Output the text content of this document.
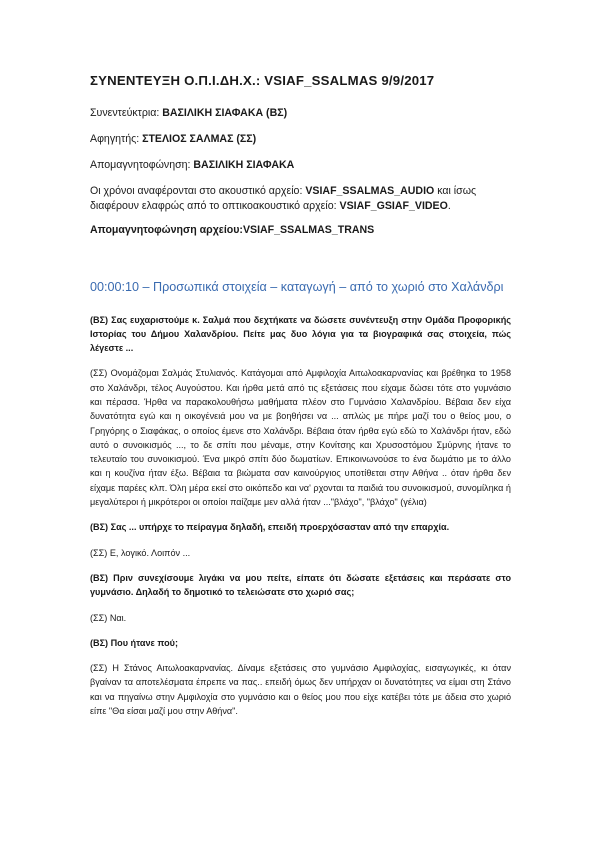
ΣΥΝΕΝΤΕΥΞΗ Ο.Π.Ι.ΔΗ.Χ.: VSIAF_SSALMAS 9/9/2017
Συνεντεύκτρια: ΒΑΣΙΛΙΚΗ ΣΙΑΦΑΚΑ (ΒΣ)
Αφηγητής: ΣΤΕΛΙΟΣ ΣΑΛΜΑΣ (ΣΣ)
Απομαγνητοφώνηση: ΒΑΣΙΛΙΚΗ ΣΙΑΦΑΚΑ
Οι χρόνοι αναφέρονται στο ακουστικό αρχείο: VSIAF_SSALMAS_AUDIO και ίσως διαφέρουν ελαφρώς από το οπτικοακουστικό αρχείο: VSIAF_GSIAF_VIDEO.
Απομαγνητοφώνηση αρχείου:VSIAF_SSALMAS_TRANS
00:00:10 – Προσωπικά στοιχεία – καταγωγή – από το χωριό στο Χαλάνδρι
(ΒΣ) Σας ευχαριστούμε κ. Σαλμά που δεχτήκατε να δώσετε συνέντευξη στην Ομάδα Προφορικής Ιστορίας του Δήμου Χαλανδρίου. Πείτε μας δυο λόγια για τα βιογραφικά σας στοιχεία, πώς λέγεστε ...
(ΣΣ) Ονομάζομαι Σαλμάς Στυλιανός. Κατάγομαι από Αμφιλοχία Αιτωλοακαρνανίας και βρέθηκα το 1958 στο Χαλάνδρι, τέλος Αυγούστου. Και ήρθα μετά από τις εξετάσεις που είχαμε δώσει τότε στο γυμνάσιο και πέρασα. Ήρθα να παρακολουθήσω μαθήματα πλέον στο Γυμνάσιο Χαλανδρίου. Βέβαια δεν είχα δυνατότητα εγώ και η οικογένειά μου να με βοηθήσει να ... απλώς με πήρε μαζί του ο θείος μου, ο Γρηγόρης ο Σιαφάκας, ο οποίος έμενε στο Χαλάνδρι. Βέβαια όταν ήρθα εγώ εδώ το Χαλάνδρι ήταν, εδώ αυτό ο συνοικισμός ..., το δε σπίτι που μέναμε, στην Κονίτσης και Χρυσοστόμου Σμύρνης ήτανε το τελευταίο του συνοικισμού. Ένα μικρό σπίτι δύο δωματίων. Επικοινωνούσε το ένα δωμάτιο με το άλλο και η κουζίνα ήταν έξω. Βέβαια τα βιώματα σαν καινούργιος υποτίθεται στην Αθήνα .. όταν ήρθα δεν είχαμε παρέες κλπ. Όλη μέρα εκεί στο οικόπεδο και να' ρχονται τα παιδιά του συνοικισμού, συνομίληκα ή μεγαλύτεροι ή μικρότεροι οι οποίοι παίζαμε μεν αλλά ήταν ..."βλάχο", "βλάχο" (γέλια)
(ΒΣ) Σας ... υπήρχε το πείραγμα δηλαδή, επειδή προερχόσασταν από την επαρχία.
(ΣΣ) Ε, λογικό. Λοιπόν ...
(ΒΣ) Πριν συνεχίσουμε λιγάκι να μου πείτε, είπατε ότι δώσατε εξετάσεις και περάσατε στο γυμνάσιο. Δηλαδή το δημοτικό το τελειώσατε στο χωριό σας;
(ΣΣ) Ναι.
(ΒΣ) Που ήτανε πού;
(ΣΣ) Η Στάνος Αιτωλοακαρνανίας. Δίναμε εξετάσεις στο γυμνάσιο Αμφιλοχίας, εισαγωγικές, κι όταν βγαίναν τα αποτελέσματα έπρεπε να πας.. επειδή όμως δεν υπήρχαν οι δυνατότητες να είμαι στη Στάνο και να πηγαίνω στην Αμφιλοχία στο γυμνάσιο και ο θείος μου που είχε κατέβει τότε με άδεια στο χωριό είπε "Θα είσαι μαζί μου στην Αθήνα".
